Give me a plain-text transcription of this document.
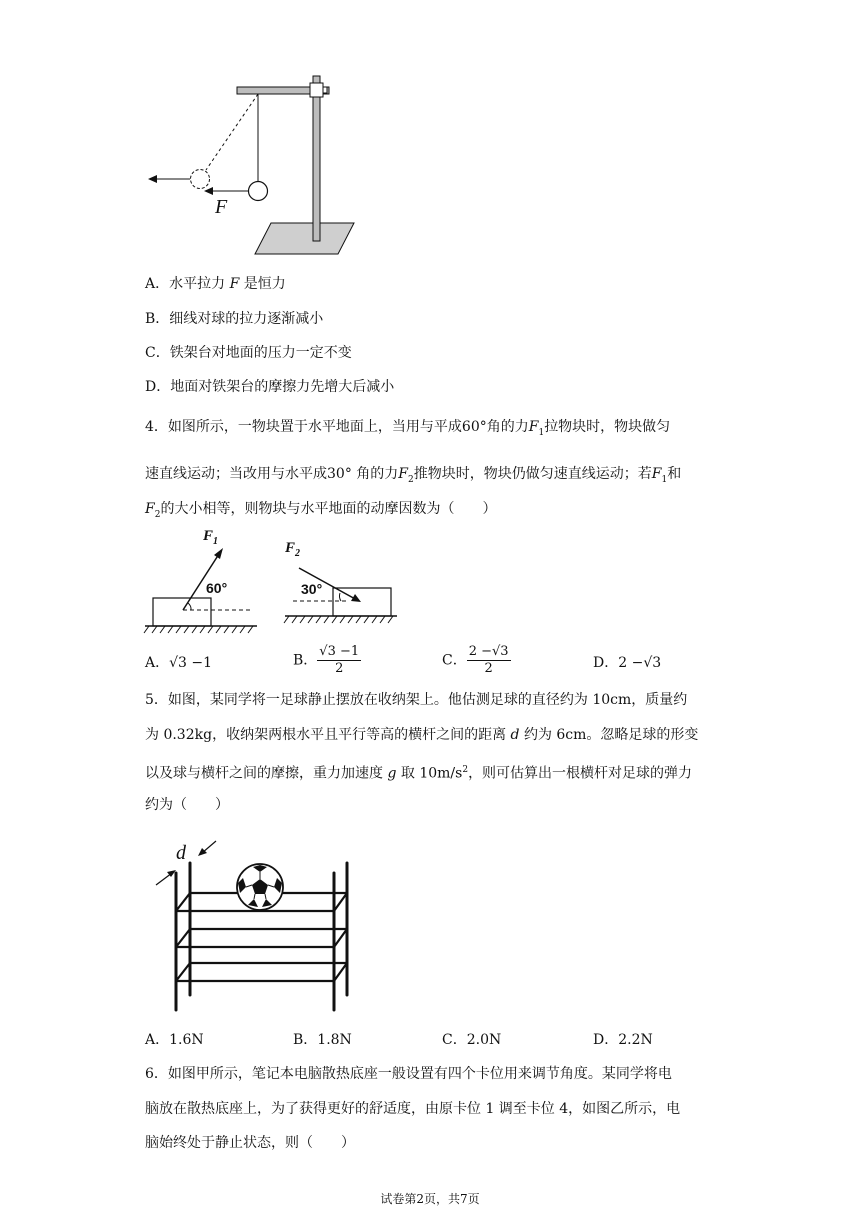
F
A．水平拉力 F 是恒力
B．细线对球的拉力逐渐减小
C．铁架台对地面的压力一定不变
D．地面对铁架台的摩擦力先增大后减小
4．如图所示，一物块置于水平地面上，当用与平成60°角的力$F_1$拉物块时，物块做匀
速直线运动；当改用与水平成30° 角的力$F_2$推物块时，物块仍做匀速直线运动；若$F_1$和
$F_2$的大小相等，则物块与水平地面的动摩因数为（　　）
$F_1$
60°
$F_2$
30°
A．√3 −1	B． $\frac{√3 -1}{2}$	C． $\frac{2 -√3}{2}$	D．2 −√3
5．如图，某同学将一足球静止摆放在收纳架上。他估测足球的直径约为 10cm，质量约
为 0.32kg，收纳架两根水平且平行等高的横杆之间的距离 d 约为 6cm。忽略足球的形变
以及球与横杆之间的摩擦，重力加速度 g 取 $10m/s^2$，则可估算出一根横杆对足球的弹力
约为（　　）
d
A．1.6N	B．1.8N	C．2.0N	D．2.2N
6．如图甲所示，笔记本电脑散热底座一般设置有四个卡位用来调节角度。某同学将电
脑放在散热底座上，为了获得更好的舒适度，由原卡位 1 调至卡位 4，如图乙所示，电
脑始终处于静止状态，则（　　）
试卷第2页，共7页
